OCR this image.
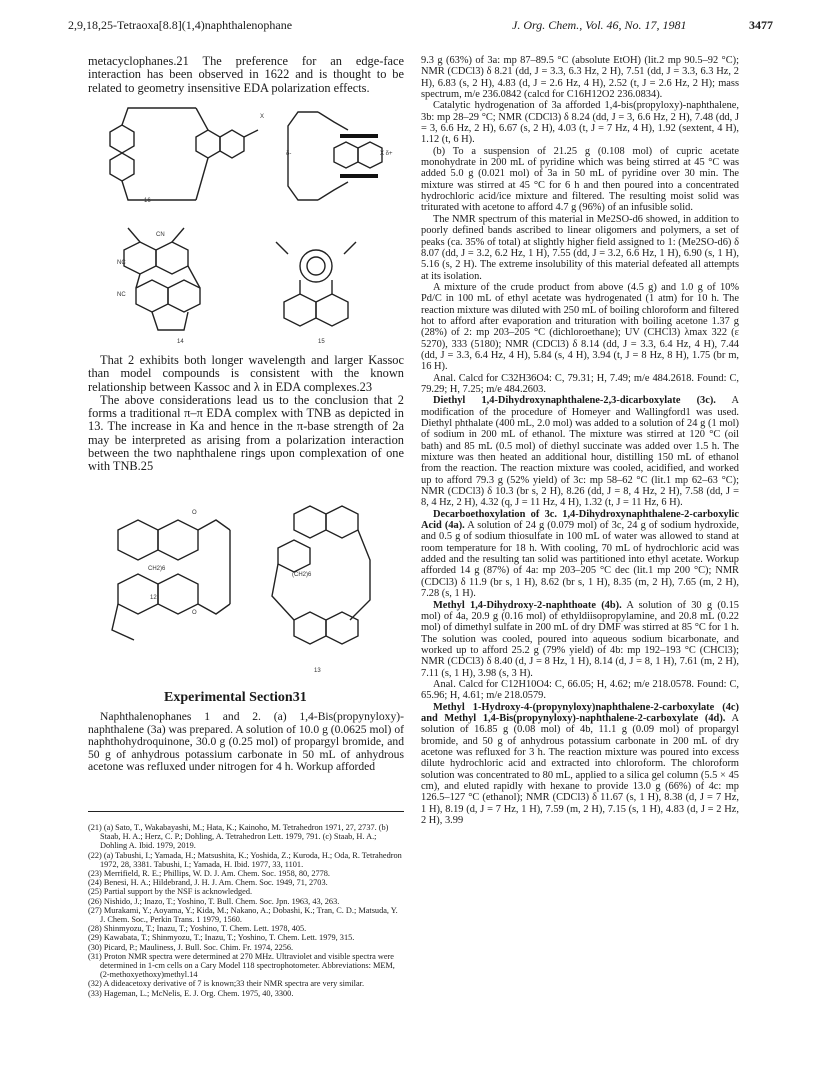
2,9,18,25-Tetraoxa[8.8](1,4)naphthalenophane	J. Org. Chem., Vol. 46, No. 17, 1981	3477

metacyclophanes.21 The preference for an edge-face interaction has been observed in 1622 and is thought to be related to geometry insensitive EDA polarization effects.

X
δ-	X δ+
16
NC
CN
NC
14	15

That 2 exhibits both longer wavelength and larger Kassoc than model compounds is consistent with the known relationship between Kassoc and λ in EDA complexes.23

The above considerations lead us to the conclusion that 2 forms a traditional π–π EDA complex with TNB as depicted in 13. The increase in Ka and hence in the π-base strength of 2a may be interpreted as arising from a polarization interaction between the two naphthalene rings upon complexation of one with TNB.25

O
O
CH2)6
(CH2)6
12
13
Experimental Section31

Naphthalenophanes 1 and 2. (a) 1,4-Bis(propynyloxy)-naphthalene (3a) was prepared. A solution of 10.0 g (0.0625 mol) of naphthohydroquinone, 30.0 g (0.25 mol) of propargyl bromide, and 50 g of anhydrous potassium carbonate in 50 mL of anhydrous acetone was refluxed under nitrogen for 4 h. Workup afforded

(21) (a) Sato, T., Wakabayashi, M.; Hata, K.; Kainoho, M. Tetrahedron 1971, 27, 2737. (b) Staab, H. A.; Herz, C. P.; Dohling, A. Tetrahedron Lett. 1979, 791. (c) Staab, H. A.; Dohling A. Ibid. 1979, 2019.

(22) (a) Tabushi, I.; Yamada, H.; Matsushita, K.; Yoshida, Z.; Kuroda, H.; Oda, R. Tetrahedron 1972, 28, 3381. Tabushi, I.; Yamada, H. Ibid. 1977, 33, 1101.

(23) Merrifield, R. E.; Phillips, W. D. J. Am. Chem. Soc. 1958, 80, 2778.

(24) Benesi, H. A.; Hildebrand, J. H. J. Am. Chem. Soc. 1949, 71, 2703.

(25) Partial support by the NSF is acknowledged.

(26) Nishido, J.; Inazo, T.; Yoshino, T. Bull. Chem. Soc. Jpn. 1963, 43, 263.

(27) Murakami, Y.; Aoyama, Y.; Kida, M.; Nakano, A.; Dobashi, K.; Tran, C. D.; Matsuda, Y. J. Chem. Soc., Perkin Trans. 1 1979, 1560.

(28) Shinmyozu, T.; Inazu, T.; Yoshino, T. Chem. Lett. 1978, 405.

(29) Kawabata, T.; Shinmyozu, T.; Inazu, T.; Yoshino, T. Chem. Lett. 1979, 315.

(30) Picard, P.; Mauliness, J. Bull. Soc. Chim. Fr. 1974, 2256.

(31) Proton NMR spectra were determined at 270 MHz. Ultraviolet and visible spectra were determined in 1-cm cells on a Cary Model 118 spectrophotometer. Abbreviations: MEM, (2-methoxyethoxy)methyl.14

(32) A dideacetoxy derivative of 7 is known;33 their NMR spectra are very similar.

(33) Hageman, L.; McNelis, E. J. Org. Chem. 1975, 40, 3300.

9.3 g (63%) of 3a: mp 87–89.5 °C (absolute EtOH) (lit.2 mp 90.5–92 °C); NMR (CDCl3) δ 8.21 (dd, J = 3.3, 6.3 Hz, 2 H), 7.51 (dd, J = 3.3, 6.3 Hz, 2 H), 6.83 (s, 2 H), 4.83 (d, J = 2.6 Hz, 4 H), 2.52 (t, J = 2.6 Hz, 2 H); mass spectrum, m/e 236.0842 (calcd for C16H12O2 236.0834).

Catalytic hydrogenation of 3a afforded 1,4-bis(propyloxy)-naphthalene, 3b: mp 28–29 °C; NMR (CDCl3) δ 8.24 (dd, J = 3, 6.6 Hz, 2 H), 7.48 (dd, J = 3, 6.6 Hz, 2 H), 6.67 (s, 2 H), 4.03 (t, J = 7 Hz, 4 H), 1.92 (sextent, 4 H), 1.12 (t, 6 H).

(b) To a suspension of 21.25 g (0.108 mol) of cupric acetate monohydrate in 200 mL of pyridine which was being stirred at 45 °C was added 5.0 g (0.021 mol) of 3a in 50 mL of pyridine over 30 min. The mixture was stirred at 45 °C for 6 h and then poured into a concentrated hydrochloric acid/ice mixture and filtered. The resulting moist solid was triturated with acetone to afford 4.7 g (96%) of an infusible solid.

The NMR spectrum of this material in Me2SO-d6 showed, in addition to poorly defined bands ascribed to linear oligomers and polymers, a set of peaks (ca. 35% of total) at slightly higher field assigned to 1: (Me2SO-d6) δ 8.07 (dd, J = 3.2, 6.2 Hz, 1 H), 7.55 (dd, J = 3.2, 6.6 Hz, 1 H), 6.90 (s, 1 H), 5.16 (s, 2 H). The extreme insolubility of this material defeated all attempts at its isolation.

A mixture of the crude product from above (4.5 g) and 1.0 g of 10% Pd/C in 100 mL of ethyl acetate was hydrogenated (1 atm) for 10 h. The reaction mixture was diluted with 250 mL of boiling chloroform and filtered hot to afford after evaporation and trituration with boiling acetone 1.37 g (28%) of 2: mp 203–205 °C (dichloroethane); UV (CHCl3) λmax 322 (ε 5270), 333 (5180); NMR (CDCl3) δ 8.14 (dd, J = 3.3, 6.4 Hz, 4 H), 7.44 (dd, J = 3.3, 6.4 Hz, 4 H), 5.84 (s, 4 H), 3.94 (t, J = 8 Hz, 8 H), 1.75 (br m, 16 H).

Anal. Calcd for C32H36O4: C, 79.31; H, 7.49; m/e 484.2618. Found: C, 79.29; H, 7.25; m/e 484.2603.

Diethyl 1,4-Dihydroxynaphthalene-2,3-dicarboxylate (3c). A modification of the procedure of Homeyer and Wallingford1 was used. Diethyl phthalate (400 mL, 2.0 mol) was added to a solution of 24 g (1 mol) of sodium in 200 mL of ethanol. The mixture was stirred at 120 °C (oil bath) and 85 mL (0.5 mol) of diethyl succinate was added over 1.5 h. The mixture was then heated an additional hour, distilling 150 mL of ethanol from the reaction. The reaction mixture was cooled, acidified, and worked up to afford 79.3 g (52% yield) of 3c: mp 58–62 °C (lit.1 mp 62–63 °C); NMR (CDCl3) δ 10.3 (br s, 2 H), 8.26 (dd, J = 8, 4 Hz, 2 H), 7.58 (dd, J = 8, 4 Hz, 2 H), 4.32 (q, J = 11 Hz, 4 H), 1.32 (t, J = 11 Hz, 6 H).

Decarboethoxylation of 3c. 1,4-Dihydroxynaphthalene-2-carboxylic Acid (4a). A solution of 24 g (0.079 mol) of 3c, 24 g of sodium hydroxide, and 0.5 g of sodium thiosulfate in 100 mL of water was allowed to stand at room temperature for 18 h. With cooling, 70 mL of hydrochloric acid was added and the resulting tan solid was partitioned into ethyl acetate. Workup afforded 14 g (87%) of 4a: mp 203–205 °C dec (lit.1 mp 200 °C); NMR (CDCl3) δ 11.9 (br s, 1 H), 8.62 (br s, 1 H), 8.35 (m, 2 H), 7.65 (m, 2 H), 7.28 (s, 1 H).

Methyl 1,4-Dihydroxy-2-naphthoate (4b). A solution of 30 g (0.15 mol) of 4a, 20.9 g (0.16 mol) of ethyldiisopropylamine, and 20.8 mL (0.22 mol) of dimethyl sulfate in 200 mL of dry DMF was stirred at 85 °C for 1 h. The solution was cooled, poured into aqueous sodium bicarbonate, and worked up to afford 25.2 g (79% yield) of 4b: mp 192–193 °C (CHCl3); NMR (CDCl3) δ 8.40 (d, J = 8 Hz, 1 H), 8.14 (d, J = 8, 1 H), 7.61 (m, 2 H), 7.11 (s, 1 H), 3.98 (s, 3 H).

Anal. Calcd for C12H10O4: C, 66.05; H, 4.62; m/e 218.0578. Found: C, 65.96; H, 4.61; m/e 218.0579.

Methyl 1-Hydroxy-4-(propynyloxy)naphthalene-2-carboxylate (4c) and Methyl 1,4-Bis(propynyloxy)-naphthalene-2-carboxylate (4d). A solution of 16.85 g (0.08 mol) of 4b, 11.1 g (0.09 mol) of propargyl bromide, and 50 g of anhydrous potassium carbonate in 200 mL of dry acetone was refluxed for 3 h. The reaction mixture was poured into excess dilute hydrochloric acid and extracted into chloroform. The chloroform solution was concentrated to 80 mL, applied to a silica gel column (5.5 × 45 cm), and eluted rapidly with hexane to provide 13.0 g (66%) of 4c: mp 126.5–127 °C (ethanol); NMR (CDCl3) δ 11.67 (s, 1 H), 8.38 (d, J = 7 Hz, 1 H), 8.19 (d, J = 7 Hz, 1 H), 7.59 (m, 2 H), 7.15 (s, 1 H), 4.83 (d, J = 2 Hz, 2 H), 3.99
